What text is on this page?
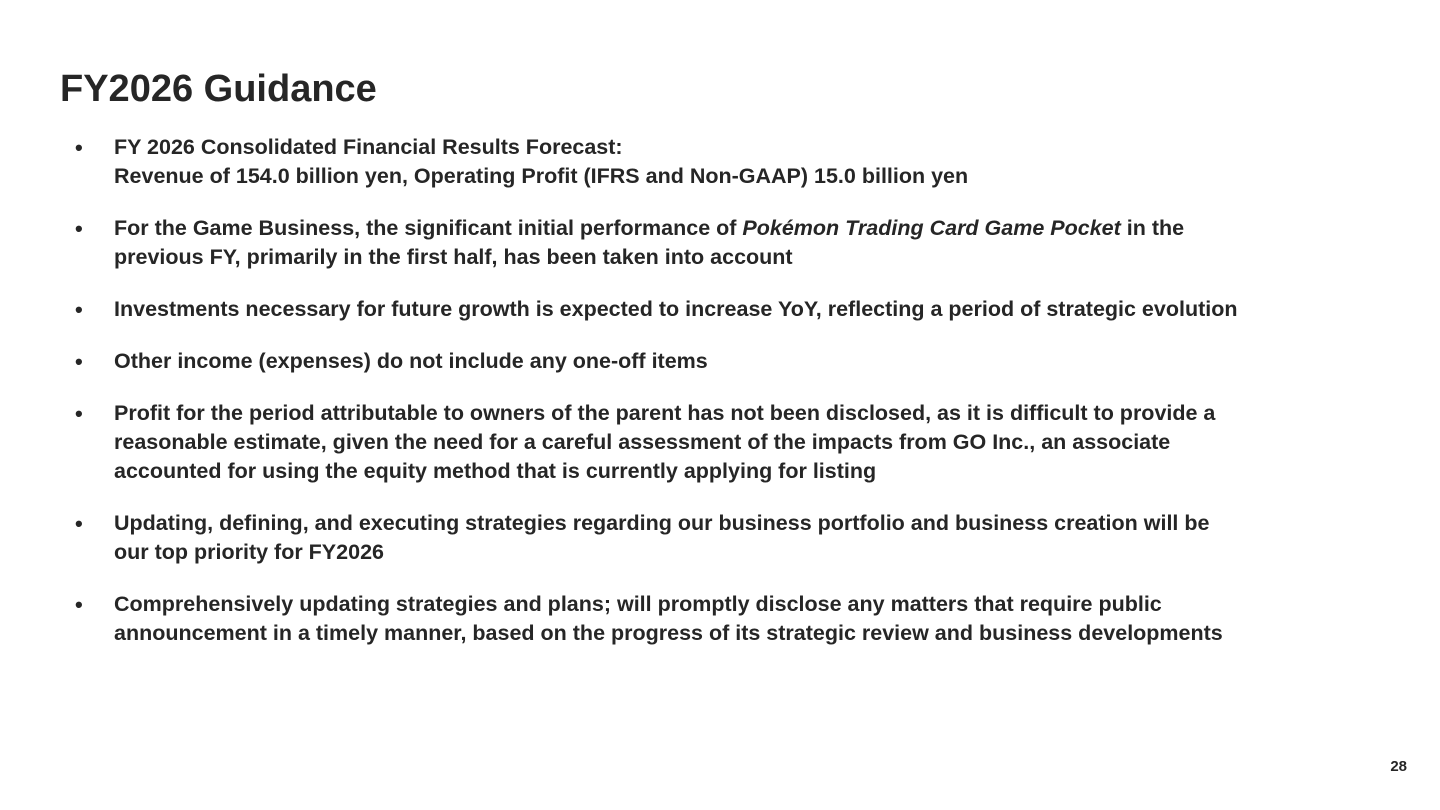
FY2026 Guidance
• FY 2026 Consolidated Financial Results Forecast:
Revenue of 154.0 billion yen, Operating Profit (IFRS and Non-GAAP) 15.0 billion yen
• For the Game Business, the significant initial performance of Pokémon Trading Card Game Pocket in the
previous FY, primarily in the first half, has been taken into account
• Investments necessary for future growth is expected to increase YoY, reflecting a period of strategic evolution
• Other income (expenses) do not include any one-off items
• Profit for the period attributable to owners of the parent has not been disclosed, as it is difficult to provide a
reasonable estimate, given the need for a careful assessment of the impacts from GO Inc., an associate
accounted for using the equity method that is currently applying for listing
• Updating, defining, and executing strategies regarding our business portfolio and business creation will be
our top priority for FY2026
• Comprehensively updating strategies and plans; will promptly disclose any matters that require public
announcement in a timely manner, based on the progress of its strategic review and business developments
28
